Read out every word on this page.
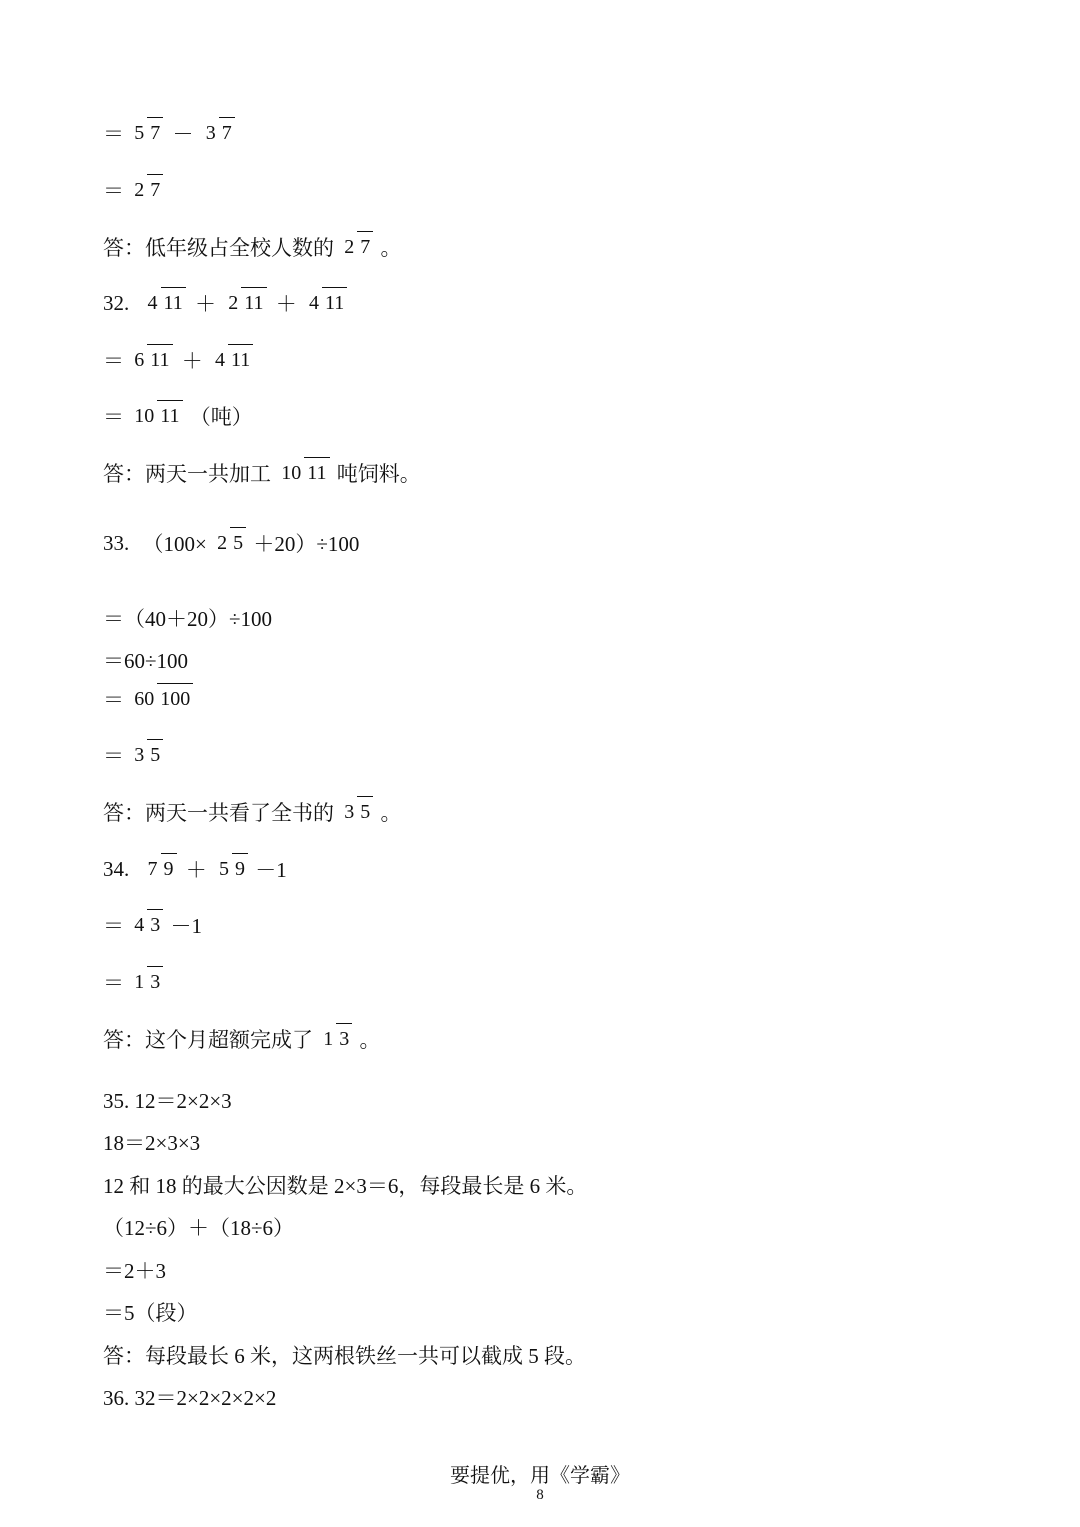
＝ 5 7 － 3 7
＝ 2 7
答：低年级占全校人数的 2 7 。
32. 4 11 ＋ 2 11 ＋ 4 11
＝ 6 11 ＋ 4 11
＝ 10 11 （吨）
答：两天一共加工 10 11 吨饲料。
33. （100× 2 5 ＋20）÷100
＝（40＋20）÷100
＝60÷100
＝ 60 100
＝ 3 5
答：两天一共看了全书的 3 5 。
34. 7 9 ＋ 5 9 －1
＝ 4 3 －1
＝ 1 3
答：这个月超额完成了 1 3 。
35. 12＝2×2×3
18＝2×3×3
12 和 18 的最大公因数是 2×3＝6，每段最长是 6 米。
（12÷6）＋（18÷6）
＝2＋3
＝5（段）
答：每段最长 6 米，这两根铁丝一共可以截成 5 段。
36. 32＝2×2×2×2×2
要提优，用《学霸》
8
